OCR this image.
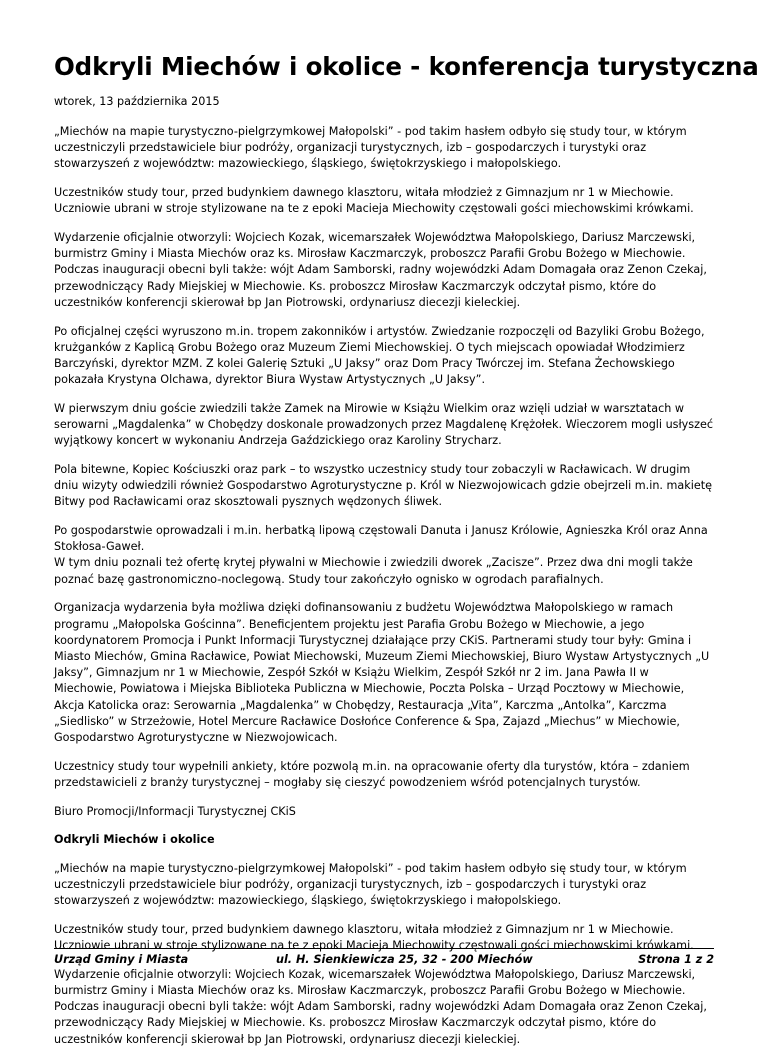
Odkryli Miechów i okolice - konferencja turystyczna
wtorek, 13 października 2015

„Miechów na mapie turystyczno-pielgrzymkowej Małopolski” - pod takim hasłem odbyło się study tour, w którym uczestniczyli przedstawiciele biur podróży, organizacji turystycznych, izb – gospodarczych i turystyki oraz stowarzyszeń z województw: mazowieckiego, śląskiego, świętokrzyskiego i małopolskiego.

Uczestników study tour, przed budynkiem dawnego klasztoru, witała młodzież z Gimnazjum nr 1 w Miechowie. Uczniowie ubrani w stroje stylizowane na te z epoki Macieja Miechowity częstowali gości miechowskimi krówkami.

Wydarzenie oficjalnie otworzyli: Wojciech Kozak, wicemarszałek Województwa Małopolskiego, Dariusz Marczewski, burmistrz Gminy i Miasta Miechów oraz ks. Mirosław Kaczmarczyk, proboszcz Parafii Grobu Bożego w Miechowie. Podczas inauguracji obecni byli także: wójt Adam Samborski, radny wojewódzki Adam Domagała oraz Zenon Czekaj, przewodniczący Rady Miejskiej w Miechowie. Ks. proboszcz Mirosław Kaczmarczyk odczytał pismo, które do uczestników konferencji skierował bp Jan Piotrowski, ordynariusz diecezji kieleckiej.

Po oficjalnej części wyruszono m.in. tropem zakonników i artystów. Zwiedzanie rozpoczęli od Bazyliki Grobu Bożego, krużganków z Kaplicą Grobu Bożego oraz Muzeum Ziemi Miechowskiej. O tych miejscach opowiadał Włodzimierz Barczyński, dyrektor MZM. Z kolei Galerię Sztuki „U Jaksy” oraz Dom Pracy Twórczej im. Stefana Żechowskiego pokazała Krystyna Olchawa, dyrektor Biura Wystaw Artystycznych „U Jaksy”.

W pierwszym dniu goście zwiedzili także Zamek na Mirowie w Książu Wielkim oraz wzięli udział w warsztatach w serowarni „Magdalenka” w Chobędzy doskonale prowadzonych przez Magdalenę Krężołek. Wieczorem mogli usłyszeć wyjątkowy koncert w wykonaniu Andrzeja Gaździckiego oraz Karoliny Strycharz.

Pola bitewne, Kopiec Kościuszki oraz park – to wszystko uczestnicy study tour zobaczyli w Racławicach. W drugim dniu wizyty odwiedzili również Gospodarstwo Agroturystyczne p. Król w Niezwojowicach gdzie obejrzeli m.in. makietę Bitwy pod Racławicami oraz skosztowali pysznych wędzonych śliwek.

Po gospodarstwie oprowadzali i m.in. herbatką lipową częstowali Danuta i Janusz Królowie, Agnieszka Król oraz Anna Stokłosa-Gaweł.
W tym dniu poznali też ofertę krytej pływalni w Miechowie i zwiedzili dworek „Zacisze”. Przez dwa dni mogli także poznać bazę gastronomiczno-noclegową. Study tour zakończyło ognisko w ogrodach parafialnych.

Organizacja wydarzenia była możliwa dzięki dofinansowaniu z budżetu Województwa Małopolskiego w ramach programu „Małopolska Gościnna”. Beneficjentem projektu jest Parafia Grobu Bożego w Miechowie, a jego koordynatorem Promocja i Punkt Informacji Turystycznej działające przy CKiS. Partnerami study tour były: Gmina i Miasto Miechów, Gmina Racławice, Powiat Miechowski, Muzeum Ziemi Miechowskiej, Biuro Wystaw Artystycznych „U Jaksy”, Gimnazjum nr 1 w Miechowie, Zespół Szkół w Książu Wielkim, Zespół Szkół nr 2 im. Jana Pawła II w Miechowie, Powiatowa i Miejska Biblioteka Publiczna w Miechowie, Poczta Polska – Urząd Pocztowy w Miechowie, Akcja Katolicka oraz: Serowarnia „Magdalenka” w Chobędzy, Restauracja „Vita”, Karczma „Antolka”, Karczma „Siedlisko” w Strzeżowie, Hotel Mercure Racławice Dosłońce Conference & Spa, Zajazd „Miechus” w Miechowie, Gospodarstwo Agroturystyczne w Niezwojowicach.

Uczestnicy study tour wypełnili ankiety, które pozwolą m.in. na opracowanie oferty dla turystów, która – zdaniem przedstawicieli z branży turystycznej – mogłaby się cieszyć powodzeniem wśród potencjalnych turystów.

Biuro Promocji/Informacji Turystycznej CKiS

Odkryli Miechów i okolice

„Miechów na mapie turystyczno-pielgrzymkowej Małopolski” - pod takim hasłem odbyło się study tour, w którym uczestniczyli przedstawiciele biur podróży, organizacji turystycznych, izb – gospodarczych i turystyki oraz stowarzyszeń z województw: mazowieckiego, śląskiego, świętokrzyskiego i małopolskiego.

Uczestników study tour, przed budynkiem dawnego klasztoru, witała młodzież z Gimnazjum nr 1 w Miechowie. Uczniowie ubrani w stroje stylizowane na te z epoki Macieja Miechowity częstowali gości miechowskimi krówkami.

Wydarzenie oficjalnie otworzyli: Wojciech Kozak, wicemarszałek Województwa Małopolskiego, Dariusz Marczewski, burmistrz Gminy i Miasta Miechów oraz ks. Mirosław Kaczmarczyk, proboszcz Parafii Grobu Bożego w Miechowie. Podczas inauguracji obecni byli także: wójt Adam Samborski, radny wojewódzki Adam Domagała oraz Zenon Czekaj, przewodniczący Rady Miejskiej w Miechowie. Ks. proboszcz Mirosław Kaczmarczyk odczytał pismo, które do uczestników konferencji skierował bp Jan Piotrowski, ordynariusz diecezji kieleckiej.

Urząd Gminy i Miasta	ul. H. Sienkiewicza 25, 32 - 200 Miechów	Strona 1 z 2
